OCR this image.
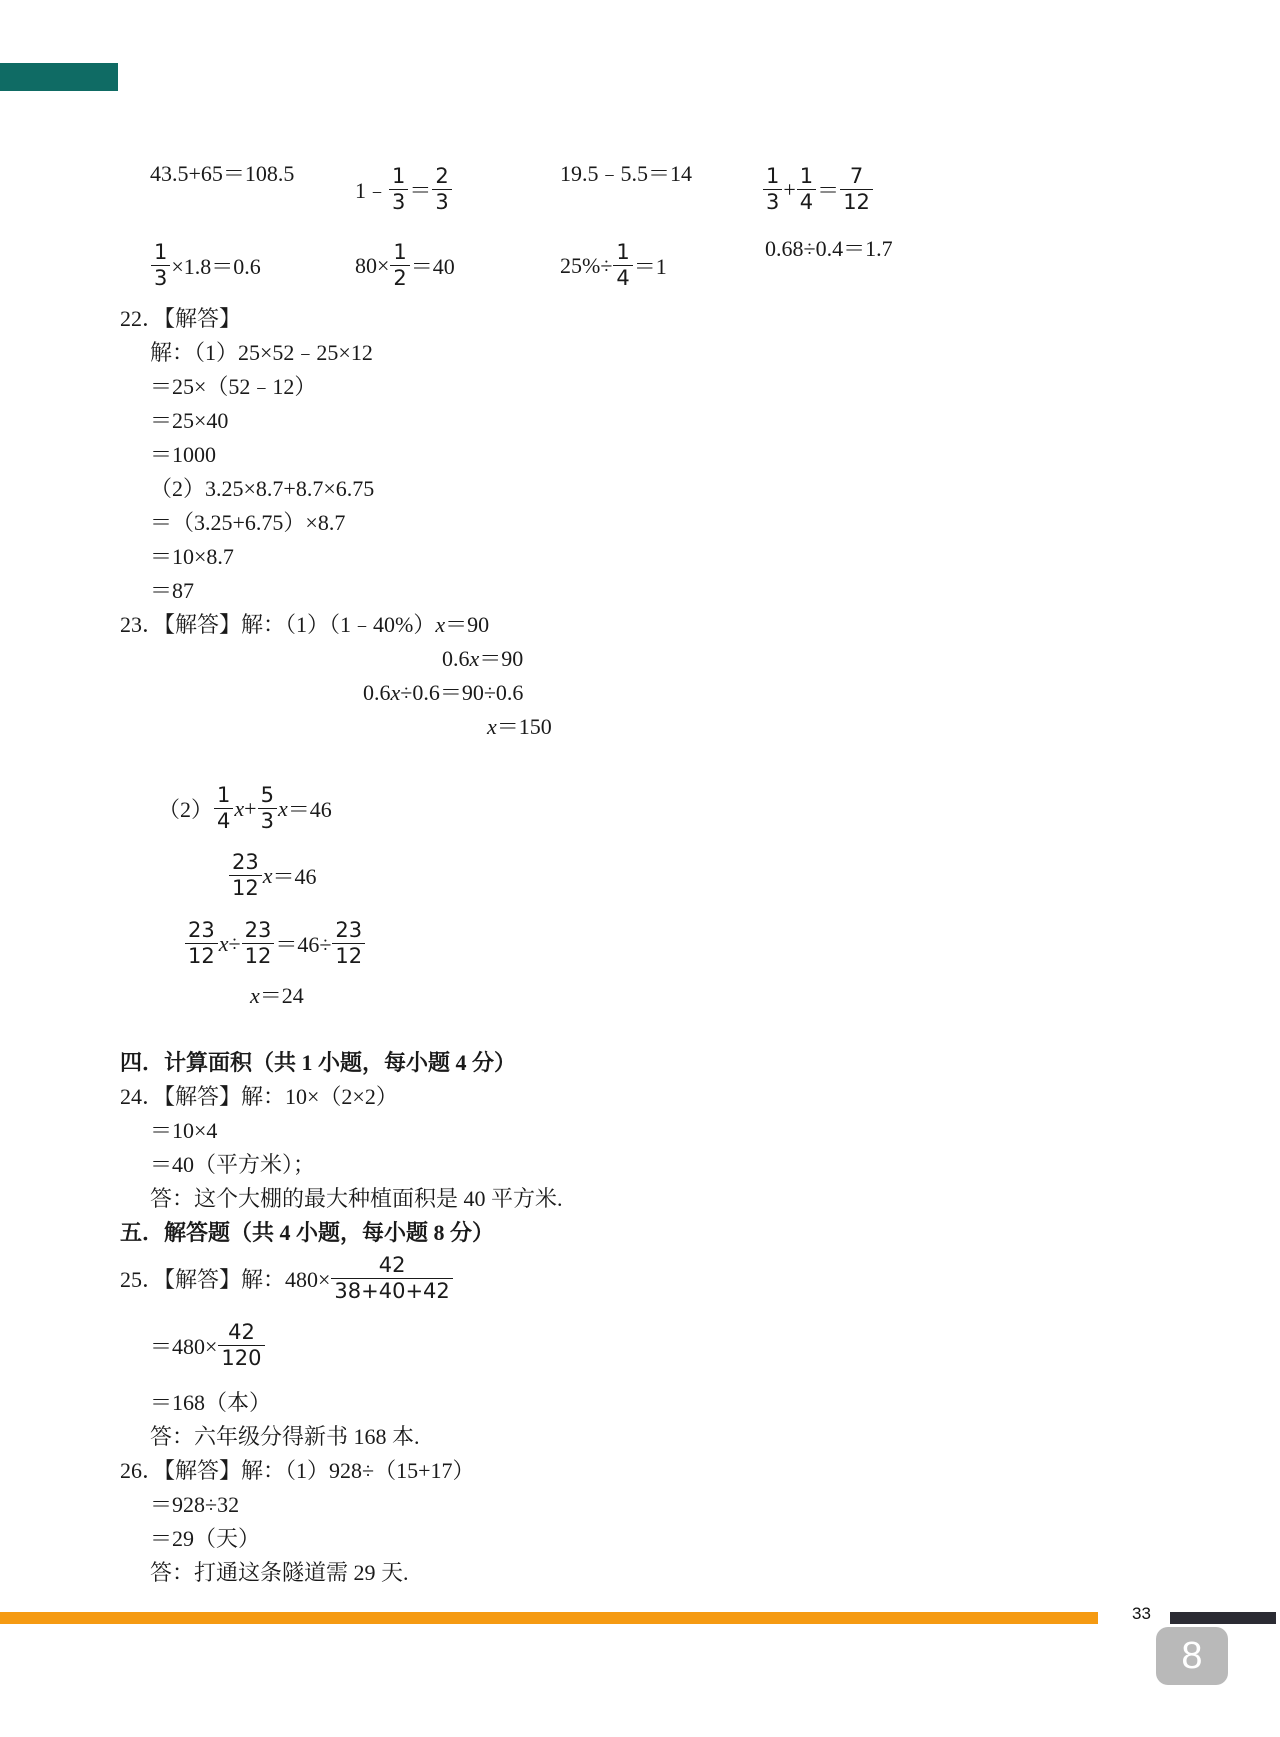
43.5+65＝108.5
1﹣ $\frac{1}{3} = \frac{2}{3}$	19.5﹣5.5＝14	$\frac{1}{3} + \frac{1}{4} = \frac{7}{12}$
$\frac{1}{3} \times 1.8=0.6$	$80\times \frac{1}{2} =40$	$25\%\div \frac{1}{4} =1$
0.68÷0.4＝1.7
22．【解答】
解：（1）25×52﹣25×12
＝25×（52﹣12）
＝25×40
＝1000
（2）3.25×8.7+8.7×6.75
＝（3.25+6.75）×8.7
＝10×8.7
＝87
23．【解答】解：（1）（1﹣40%）x＝90
0.6x＝90
0.6x÷0.6＝90÷0.6
x＝150
$(2) \frac{1}{4}$ $x + \frac{5}{3}$ x ＝46
$\frac{23}{12}$ x ＝46
$\frac{23}{12}$ $x \div \frac{23}{12} =46\div \frac{23}{12}$
x＝24
四．计算面积（共 1 小题，每小题 4 分）
24．【解答】解：10×（2×2）
＝10×4
＝40（平方米）；
答：这个大棚的最大种植面积是 40 平方米.
五．解答题（共 4 小题，每小题 8 分）
25．【解答】解：$480\times \frac{42}{38+40+42}$
$=480\times \frac{42}{120}$
＝168（本）
答：六年级分得新书 168 本.
26．【解答】解：（1）928÷（15+17）
＝928÷32
＝29（天）
答：打通这条隧道需 29 天.
33
8
